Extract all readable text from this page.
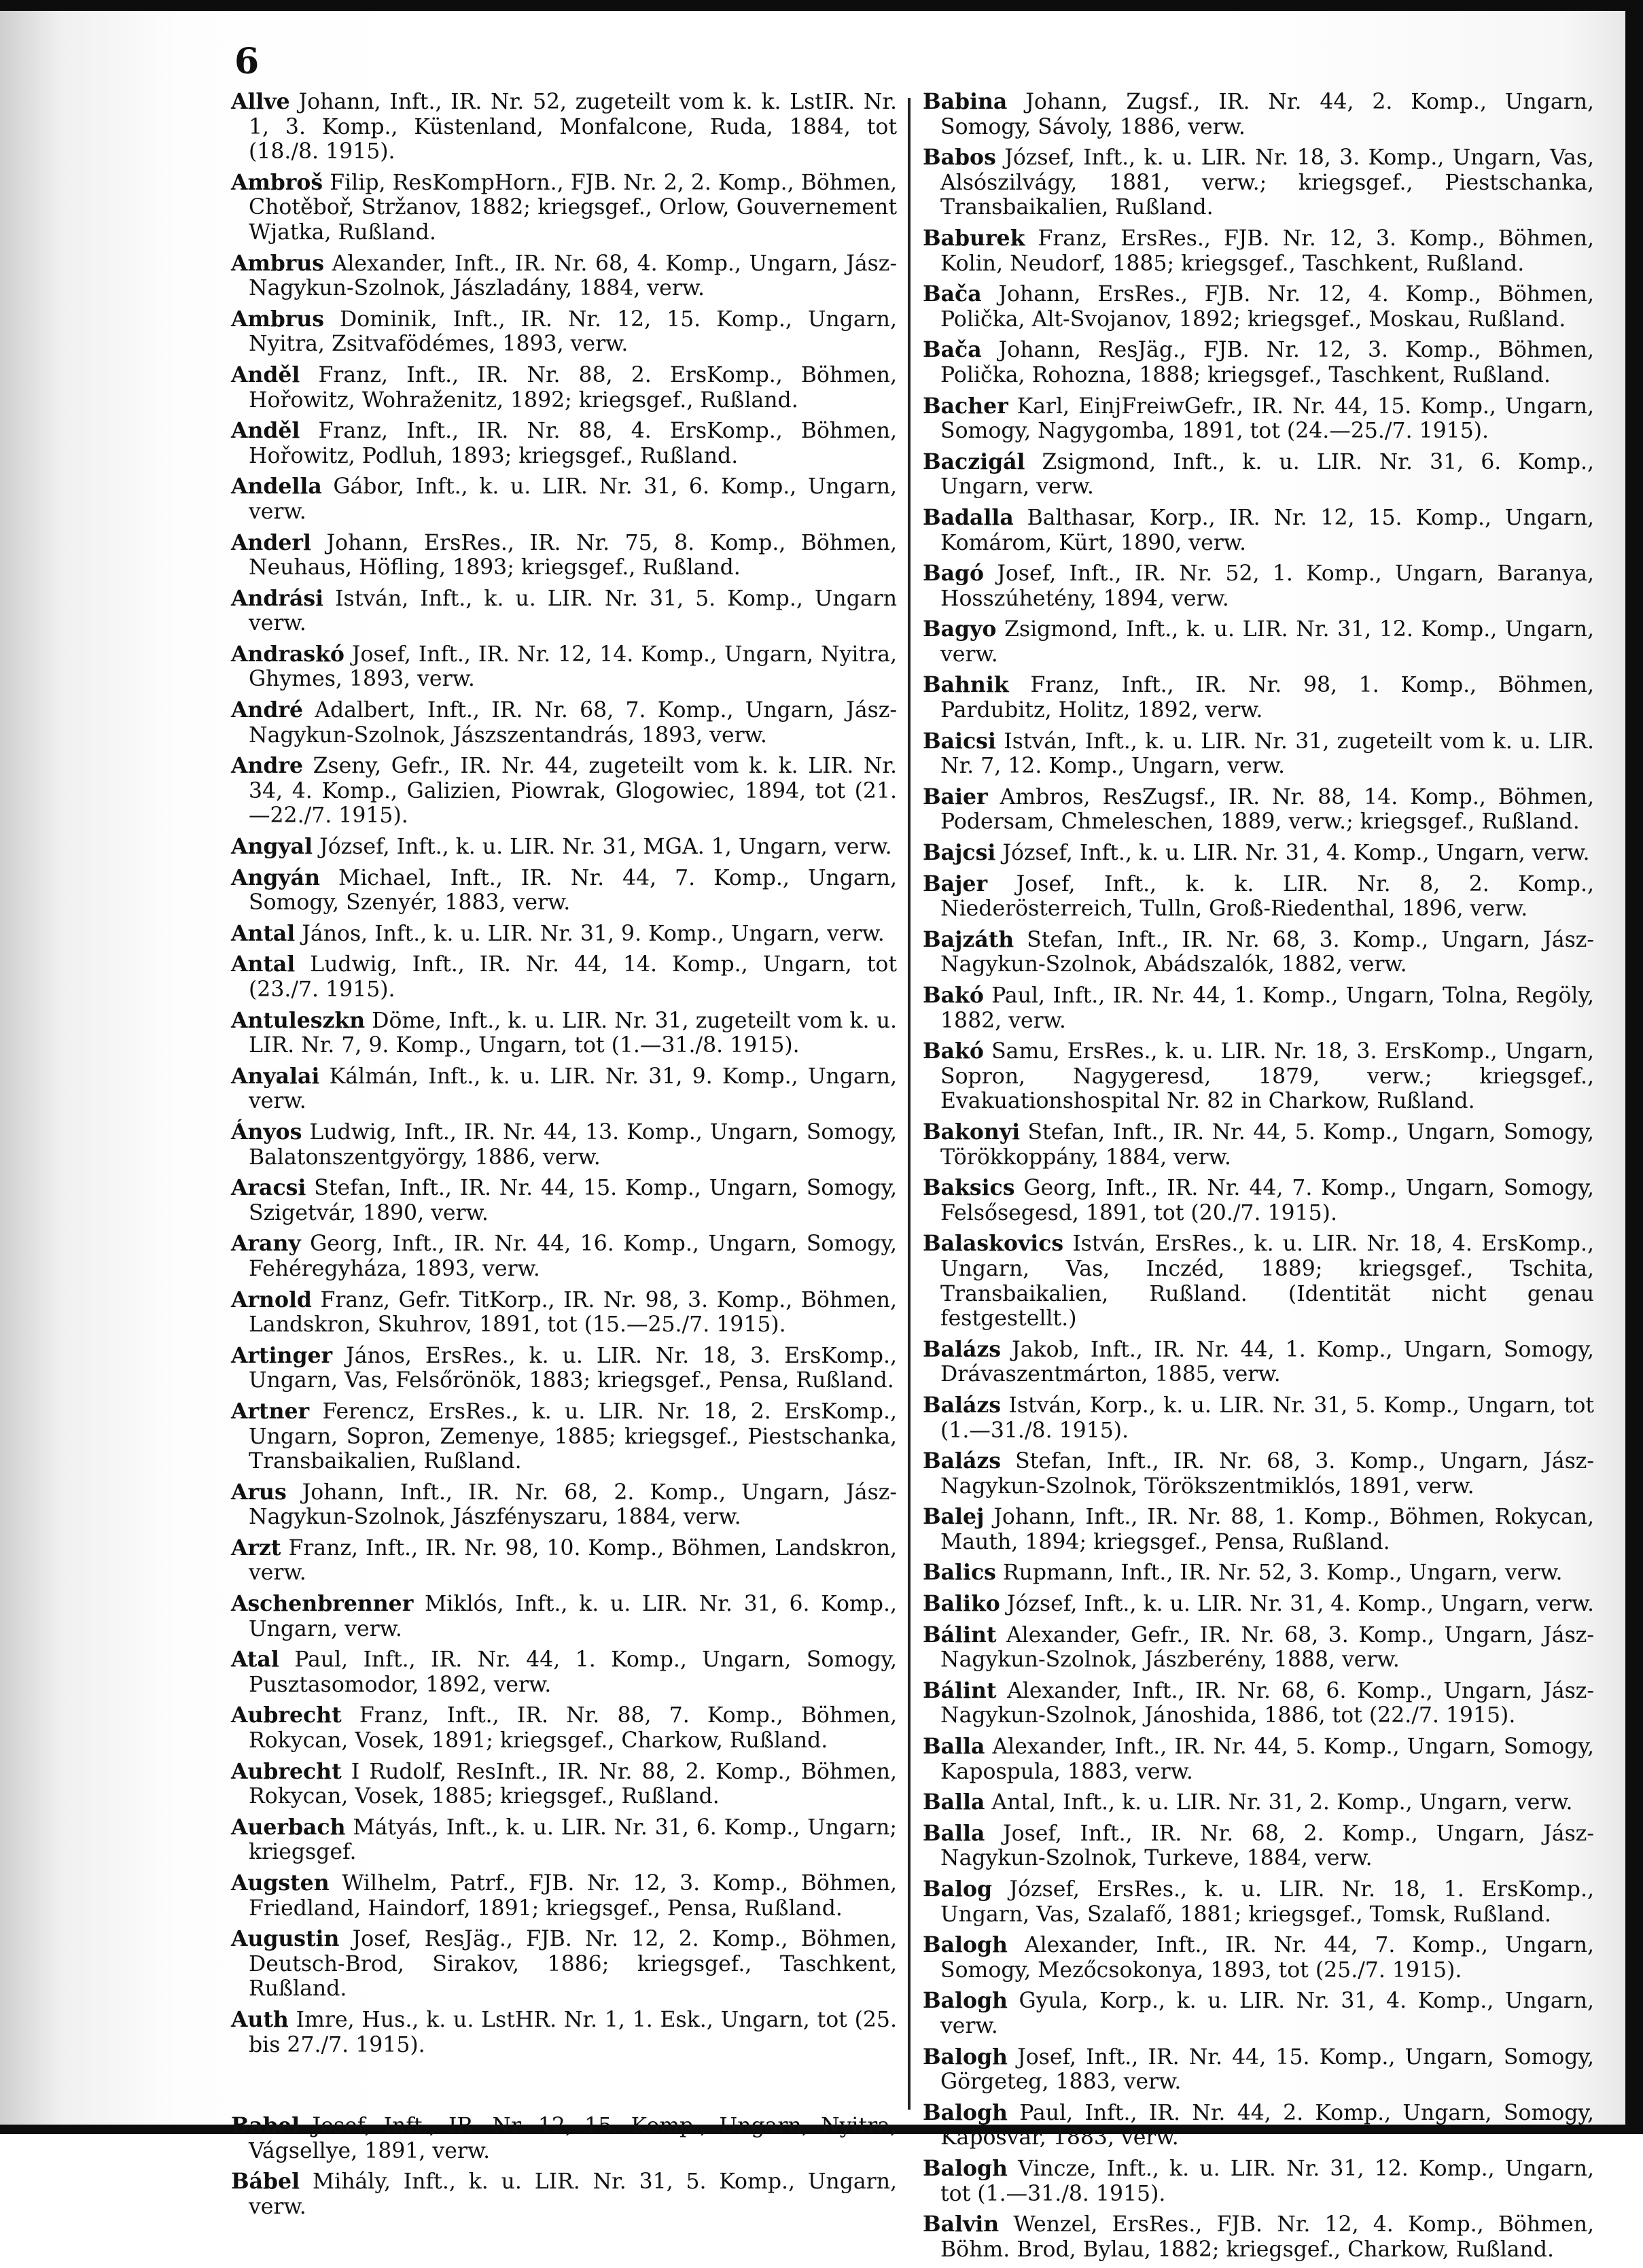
6

Allve Johann, Inft., IR. Nr. 52, zugeteilt vom k. k. LstIR. Nr. 1, 3. Komp., Küstenland, Monfalcone, Ruda, 1884, tot (18./8. 1915).

Ambroš Filip, ResKompHorn., FJB. Nr. 2, 2. Komp., Böhmen, Chotěboř, Stržanov, 1882; kriegsgef., Orlow, Gouvernement Wjatka, Rußland.

Ambrus Alexander, Inft., IR. Nr. 68, 4. Komp., Ungarn, Jász-Nagykun-Szolnok, Jászladány, 1884, verw.

Ambrus Dominik, Inft., IR. Nr. 12, 15. Komp., Ungarn, Nyitra, Zsitvafödémes, 1893, verw.

Anděl Franz, Inft., IR. Nr. 88, 2. ErsKomp., Böhmen, Hořowitz, Wohraženitz, 1892; kriegsgef., Rußland.

Anděl Franz, Inft., IR. Nr. 88, 4. ErsKomp., Böhmen, Hořowitz, Podluh, 1893; kriegsgef., Rußland.

Andella Gábor, Inft., k. u. LIR. Nr. 31, 6. Komp., Ungarn, verw.

Anderl Johann, ErsRes., IR. Nr. 75, 8. Komp., Böhmen, Neuhaus, Höfling, 1893; kriegsgef., Rußland.

Andrási István, Inft., k. u. LIR. Nr. 31, 5. Komp., Ungarn verw.

Andraskó Josef, Inft., IR. Nr. 12, 14. Komp., Ungarn, Nyitra, Ghymes, 1893, verw.

André Adalbert, Inft., IR. Nr. 68, 7. Komp., Ungarn, Jász-Nagykun-Szolnok, Jászszentandrás, 1893, verw.

Andre Zseny, Gefr., IR. Nr. 44, zugeteilt vom k. k. LIR. Nr. 34, 4. Komp., Galizien, Piowrak, Glogowiec, 1894, tot (21.—22./7. 1915).

Angyal József, Inft., k. u. LIR. Nr. 31, MGA. 1, Ungarn, verw.

Angyán Michael, Inft., IR. Nr. 44, 7. Komp., Ungarn, Somogy, Szenyér, 1883, verw.

Antal János, Inft., k. u. LIR. Nr. 31, 9. Komp., Ungarn, verw.

Antal Ludwig, Inft., IR. Nr. 44, 14. Komp., Ungarn, tot (23./7. 1915).

Antuleszkn Döme, Inft., k. u. LIR. Nr. 31, zugeteilt vom k. u. LIR. Nr. 7, 9. Komp., Ungarn, tot (1.—31./8. 1915).

Anyalai Kálmán, Inft., k. u. LIR. Nr. 31, 9. Komp., Ungarn, verw.

Ányos Ludwig, Inft., IR. Nr. 44, 13. Komp., Ungarn, Somogy, Balatonszentgyörgy, 1886, verw.

Aracsi Stefan, Inft., IR. Nr. 44, 15. Komp., Ungarn, Somogy, Szigetvár, 1890, verw.

Arany Georg, Inft., IR. Nr. 44, 16. Komp., Ungarn, Somogy, Fehéregyháza, 1893, verw.

Arnold Franz, Gefr. TitKorp., IR. Nr. 98, 3. Komp., Böhmen, Landskron, Skuhrov, 1891, tot (15.—25./7. 1915).

Artinger János, ErsRes., k. u. LIR. Nr. 18, 3. ErsKomp., Ungarn, Vas, Felsőrönök, 1883; kriegsgef., Pensa, Rußland.

Artner Ferencz, ErsRes., k. u. LIR. Nr. 18, 2. ErsKomp., Ungarn, Sopron, Zemenye, 1885; kriegsgef., Piestschanka, Transbaikalien, Rußland.

Arus Johann, Inft., IR. Nr. 68, 2. Komp., Ungarn, Jász-Nagykun-Szolnok, Jászfényszaru, 1884, verw.

Arzt Franz, Inft., IR. Nr. 98, 10. Komp., Böhmen, Landskron, verw.

Aschenbrenner Miklós, Inft., k. u. LIR. Nr. 31, 6. Komp., Ungarn, verw.

Atal Paul, Inft., IR. Nr. 44, 1. Komp., Ungarn, Somogy, Pusztasomodor, 1892, verw.

Aubrecht Franz, Inft., IR. Nr. 88, 7. Komp., Böhmen, Rokycan, Vosek, 1891; kriegsgef., Charkow, Rußland.

Aubrecht I Rudolf, ResInft., IR. Nr. 88, 2. Komp., Böhmen, Rokycan, Vosek, 1885; kriegsgef., Rußland.

Auerbach Mátyás, Inft., k. u. LIR. Nr. 31, 6. Komp., Ungarn; kriegsgef.

Augsten Wilhelm, Patrf., FJB. Nr. 12, 3. Komp., Böhmen, Friedland, Haindorf, 1891; kriegsgef., Pensa, Rußland.

Augustin Josef, ResJäg., FJB. Nr. 12, 2. Komp., Böhmen, Deutsch-Brod, Sirakov, 1886; kriegsgef., Taschkent, Rußland.

Auth Imre, Hus., k. u. LstHR. Nr. 1, 1. Esk., Ungarn, tot (25. bis 27./7. 1915).

Babel Josef, Inft., IR. Nr. 12, 15. Komp., Ungarn, Nyitra, Vágsellye, 1891, verw.

Bábel Mihály, Inft., k. u. LIR. Nr. 31, 5. Komp., Ungarn, verw.

Babina Johann, Zugsf., IR. Nr. 44, 2. Komp., Ungarn, Somogy, Sávoly, 1886, verw.

Babos József, Inft., k. u. LIR. Nr. 18, 3. Komp., Ungarn, Vas, Alsószilvágy, 1881, verw.; kriegsgef., Piestschanka, Transbaikalien, Rußland.

Baburek Franz, ErsRes., FJB. Nr. 12, 3. Komp., Böhmen, Kolin, Neudorf, 1885; kriegsgef., Taschkent, Rußland.

Bača Johann, ErsRes., FJB. Nr. 12, 4. Komp., Böhmen, Polička, Alt-Svojanov, 1892; kriegsgef., Moskau, Rußland.

Bača Johann, ResJäg., FJB. Nr. 12, 3. Komp., Böhmen, Polička, Rohozna, 1888; kriegsgef., Taschkent, Rußland.

Bacher Karl, EinjFreiwGefr., IR. Nr. 44, 15. Komp., Ungarn, Somogy, Nagygomba, 1891, tot (24.—25./7. 1915).

Baczigál Zsigmond, Inft., k. u. LIR. Nr. 31, 6. Komp., Ungarn, verw.

Badalla Balthasar, Korp., IR. Nr. 12, 15. Komp., Ungarn, Komárom, Kürt, 1890, verw.

Bagó Josef, Inft., IR. Nr. 52, 1. Komp., Ungarn, Baranya, Hosszúhetény, 1894, verw.

Bagyo Zsigmond, Inft., k. u. LIR. Nr. 31, 12. Komp., Ungarn, verw.

Bahnik Franz, Inft., IR. Nr. 98, 1. Komp., Böhmen, Pardubitz, Holitz, 1892, verw.

Baicsi István, Inft., k. u. LIR. Nr. 31, zugeteilt vom k. u. LIR. Nr. 7, 12. Komp., Ungarn, verw.

Baier Ambros, ResZugsf., IR. Nr. 88, 14. Komp., Böhmen, Podersam, Chmeleschen, 1889, verw.; kriegsgef., Rußland.

Bajcsi József, Inft., k. u. LIR. Nr. 31, 4. Komp., Ungarn, verw.

Bajer Josef, Inft., k. k. LIR. Nr. 8, 2. Komp., Niederösterreich, Tulln, Groß-Riedenthal, 1896, verw.

Bajzáth Stefan, Inft., IR. Nr. 68, 3. Komp., Ungarn, Jász-Nagykun-Szolnok, Abádszalók, 1882, verw.

Bakó Paul, Inft., IR. Nr. 44, 1. Komp., Ungarn, Tolna, Regöly, 1882, verw.

Bakó Samu, ErsRes., k. u. LIR. Nr. 18, 3. ErsKomp., Ungarn, Sopron, Nagygeresd, 1879, verw.; kriegsgef., Evakuationshospital Nr. 82 in Charkow, Rußland.

Bakonyi Stefan, Inft., IR. Nr. 44, 5. Komp., Ungarn, Somogy, Törökkoppány, 1884, verw.

Baksics Georg, Inft., IR. Nr. 44, 7. Komp., Ungarn, Somogy, Felsősegesd, 1891, tot (20./7. 1915).

Balaskovics István, ErsRes., k. u. LIR. Nr. 18, 4. ErsKomp., Ungarn, Vas, Inczéd, 1889; kriegsgef., Tschita, Transbaikalien, Rußland. (Identität nicht genau festgestellt.)

Balázs Jakob, Inft., IR. Nr. 44, 1. Komp., Ungarn, Somogy, Drávaszentmárton, 1885, verw.

Balázs István, Korp., k. u. LIR. Nr. 31, 5. Komp., Ungarn, tot (1.—31./8. 1915).

Balázs Stefan, Inft., IR. Nr. 68, 3. Komp., Ungarn, Jász-Nagykun-Szolnok, Törökszentmiklós, 1891, verw.

Balej Johann, Inft., IR. Nr. 88, 1. Komp., Böhmen, Rokycan, Mauth, 1894; kriegsgef., Pensa, Rußland.

Balics Rupmann, Inft., IR. Nr. 52, 3. Komp., Ungarn, verw.

Baliko József, Inft., k. u. LIR. Nr. 31, 4. Komp., Ungarn, verw.

Bálint Alexander, Gefr., IR. Nr. 68, 3. Komp., Ungarn, Jász-Nagykun-Szolnok, Jászberény, 1888, verw.

Bálint Alexander, Inft., IR. Nr. 68, 6. Komp., Ungarn, Jász-Nagykun-Szolnok, Jánoshida, 1886, tot (22./7. 1915).

Balla Alexander, Inft., IR. Nr. 44, 5. Komp., Ungarn, Somogy, Kapospula, 1883, verw.

Balla Antal, Inft., k. u. LIR. Nr. 31, 2. Komp., Ungarn, verw.

Balla Josef, Inft., IR. Nr. 68, 2. Komp., Ungarn, Jász-Nagykun-Szolnok, Turkeve, 1884, verw.

Balog József, ErsRes., k. u. LIR. Nr. 18, 1. ErsKomp., Ungarn, Vas, Szalafő, 1881; kriegsgef., Tomsk, Rußland.

Balogh Alexander, Inft., IR. Nr. 44, 7. Komp., Ungarn, Somogy, Mezőcsokonya, 1893, tot (25./7. 1915).

Balogh Gyula, Korp., k. u. LIR. Nr. 31, 4. Komp., Ungarn, verw.

Balogh Josef, Inft., IR. Nr. 44, 15. Komp., Ungarn, Somogy, Görgeteg, 1883, verw.

Balogh Paul, Inft., IR. Nr. 44, 2. Komp., Ungarn, Somogy, Kaposvár, 1883, verw.

Balogh Vincze, Inft., k. u. LIR. Nr. 31, 12. Komp., Ungarn, tot (1.—31./8. 1915).

Balvin Wenzel, ErsRes., FJB. Nr. 12, 4. Komp., Böhmen, Böhm. Brod, Bylau, 1882; kriegsgef., Charkow, Rußland.
